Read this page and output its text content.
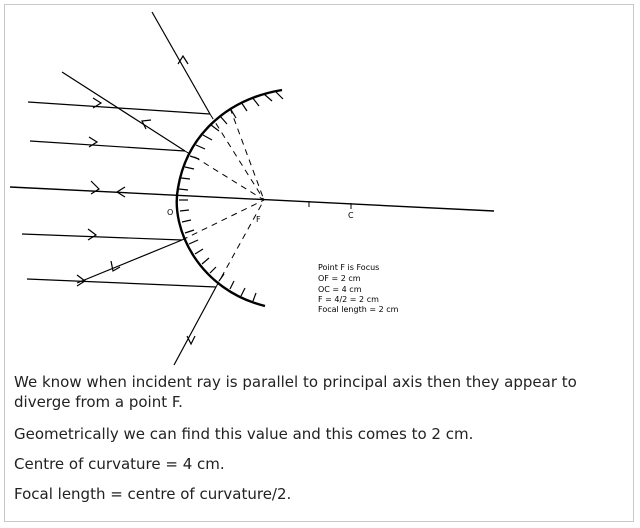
O
F	C
Point F is Focus
OF = 2 cm
OC = 4 cm
F = 4/2 = 2 cm
Focal length = 2 cm

We know when incident ray is parallel to principal axis then they appear to diverge from a point F.

Geometrically we can find this value and this comes to 2 cm.

Centre of curvature = 4 cm.

Focal length = centre of curvature/2.
